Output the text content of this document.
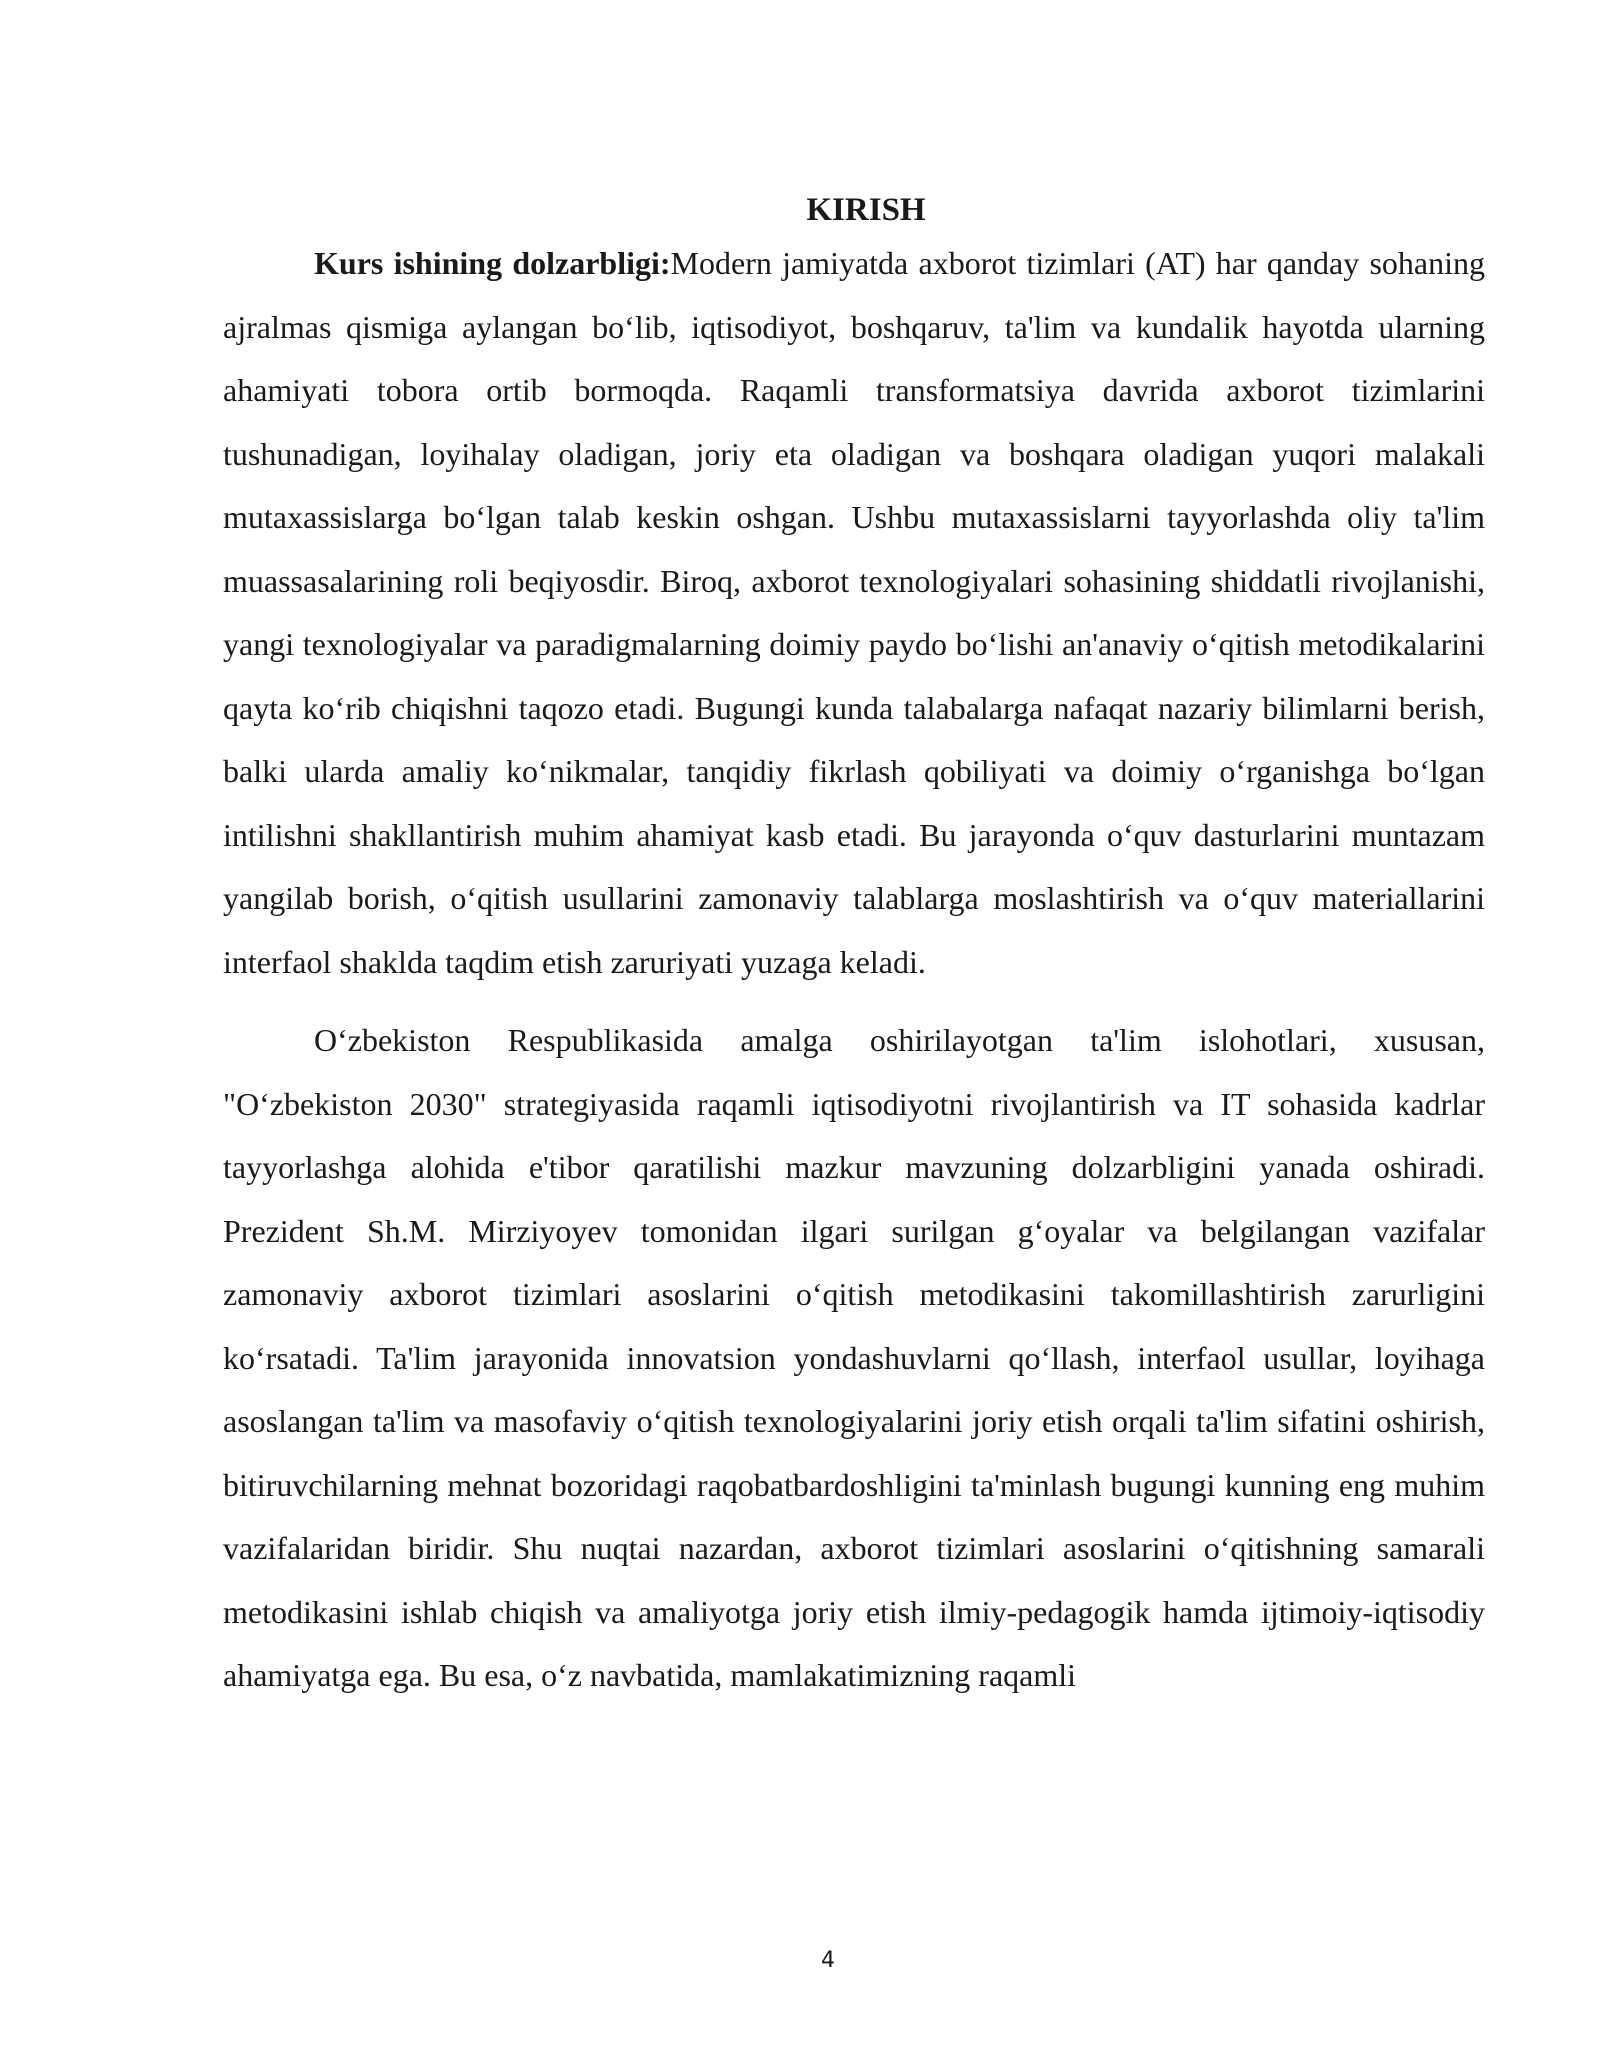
KIRISH

Kurs ishining dolzarbligi:Modern jamiyatda axborot tizimlari (AT) har qanday sohaning ajralmas qismiga aylangan bo‘lib, iqtisodiyot, boshqaruv, ta'lim va kundalik hayotda ularning ahamiyati tobora ortib bormoqda. Raqamli transformatsiya davrida axborot tizimlarini tushunadigan, loyihalay oladigan, joriy eta oladigan va boshqara oladigan yuqori malakali mutaxassislarga bo‘lgan talab keskin oshgan. Ushbu mutaxassislarni tayyorlashda oliy ta'lim muassasalarining roli beqiyosdir. Biroq, axborot texnologiyalari sohasining shiddatli rivojlanishi, yangi texnologiyalar va paradigmalarning doimiy paydo bo‘lishi an'anaviy o‘qitish metodikalarini qayta ko‘rib chiqishni taqozo etadi. Bugungi kunda talabalarga nafaqat nazariy bilimlarni berish, balki ularda amaliy ko‘nikmalar, tanqidiy fikrlash qobiliyati va doimiy o‘rganishga bo‘lgan intilishni shakllantirish muhim ahamiyat kasb etadi. Bu jarayonda o‘quv dasturlarini muntazam yangilab borish, o‘qitish usullarini zamonaviy talablarga moslashtirish va o‘quv materiallarini interfaol shaklda taqdim etish zaruriyati yuzaga keladi.

O‘zbekiston Respublikasida amalga oshirilayotgan ta'lim islohotlari, xususan, "O‘zbekiston 2030" strategiyasida raqamli iqtisodiyotni rivojlantirish va IT sohasida kadrlar tayyorlashga alohida e'tibor qaratilishi mazkur mavzuning dolzarbligini yanada oshiradi. Prezident Sh.M. Mirziyoyev tomonidan ilgari surilgan g‘oyalar va belgilangan vazifalar zamonaviy axborot tizimlari asoslarini o‘qitish metodikasini takomillashtirish zarurligini ko‘rsatadi. Ta'lim jarayonida innovatsion yondashuvlarni qo‘llash, interfaol usullar, loyihaga asoslangan ta'lim va masofaviy o‘qitish texnologiyalarini joriy etish orqali ta'lim sifatini oshirish, bitiruvchilarning mehnat bozoridagi raqobatbardoshligini ta'minlash bugungi kunning eng muhim vazifalaridan biridir. Shu nuqtai nazardan, axborot tizimlari asoslarini o‘qitishning samarali metodikasini ishlab chiqish va amaliyotga joriy etish ilmiy-pedagogik hamda ijtimoiy-iqtisodiy ahamiyatga ega. Bu esa, o‘z navbatida, mamlakatimizning raqamli

4
